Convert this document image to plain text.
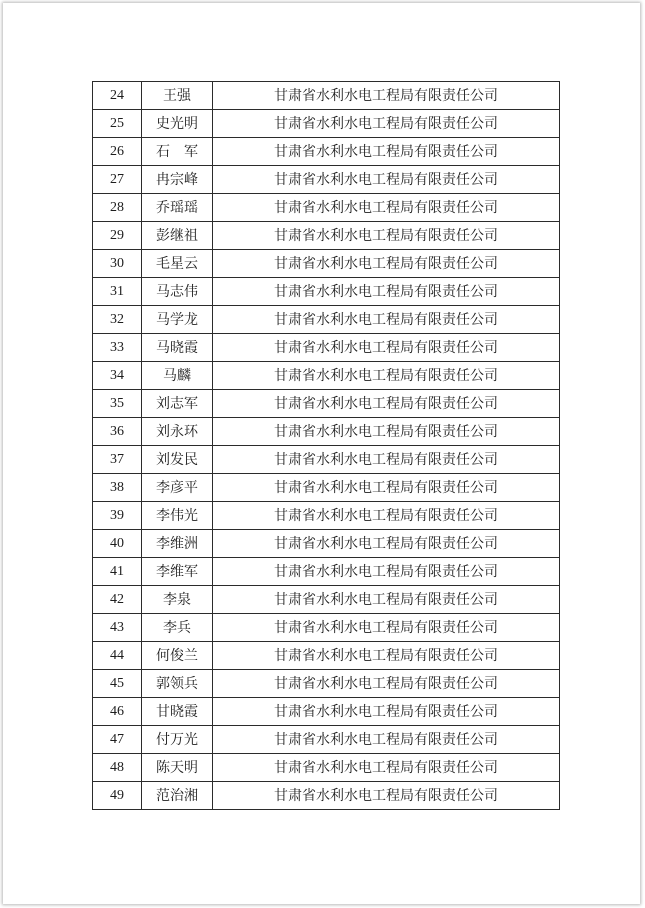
24	王强	甘肃省水利水电工程局有限责任公司
25	史光明	甘肃省水利水电工程局有限责任公司
26	石　军	甘肃省水利水电工程局有限责任公司
27	冉宗峰	甘肃省水利水电工程局有限责任公司
28	乔瑶瑶	甘肃省水利水电工程局有限责任公司
29	彭继祖	甘肃省水利水电工程局有限责任公司
30	毛星云	甘肃省水利水电工程局有限责任公司
31	马志伟	甘肃省水利水电工程局有限责任公司
32	马学龙	甘肃省水利水电工程局有限责任公司
33	马晓霞	甘肃省水利水电工程局有限责任公司
34	马麟	甘肃省水利水电工程局有限责任公司
35	刘志军	甘肃省水利水电工程局有限责任公司
36	刘永环	甘肃省水利水电工程局有限责任公司
37	刘发民	甘肃省水利水电工程局有限责任公司
38	李彦平	甘肃省水利水电工程局有限责任公司
39	李伟光	甘肃省水利水电工程局有限责任公司
40	李维洲	甘肃省水利水电工程局有限责任公司
41	李维军	甘肃省水利水电工程局有限责任公司
42	李泉	甘肃省水利水电工程局有限责任公司
43	李兵	甘肃省水利水电工程局有限责任公司
44	何俊兰	甘肃省水利水电工程局有限责任公司
45	郭领兵	甘肃省水利水电工程局有限责任公司
46	甘晓霞	甘肃省水利水电工程局有限责任公司
47	付万光	甘肃省水利水电工程局有限责任公司
48	陈天明	甘肃省水利水电工程局有限责任公司
49	范治湘	甘肃省水利水电工程局有限责任公司
